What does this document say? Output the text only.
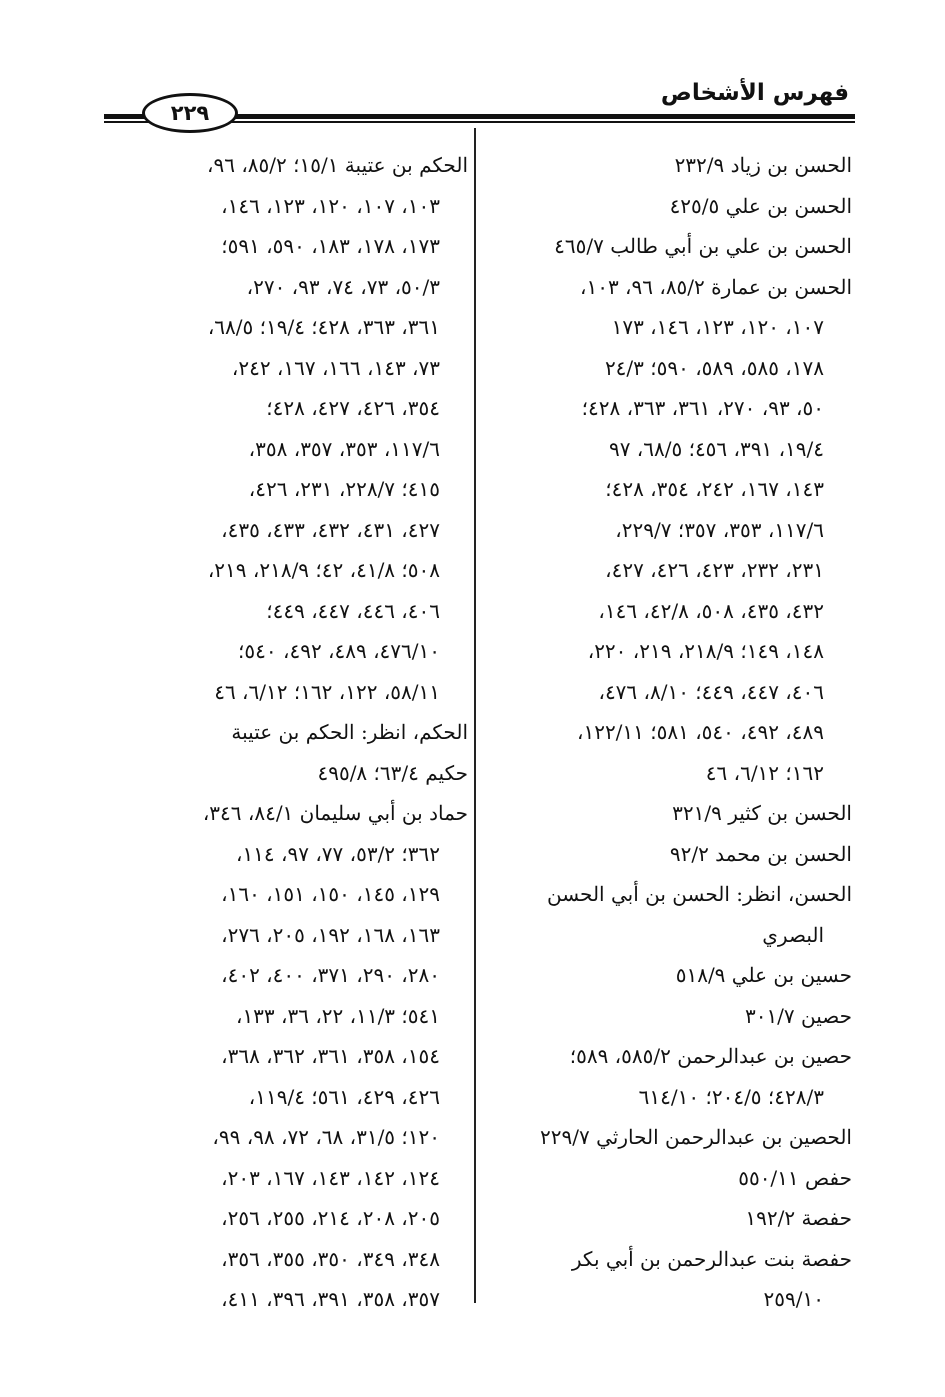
فهرس الأشخاص
٢٢٩
الحسن بن زياد ٢٣٢/٩
الحسن بن علي ٤٢٥/٥
الحسن بن علي بن أبي طالب ٤٦٥/٧
الحسن بن عمارة ٨٥/٢، ٩٦، ١٠٣،
١٠٧، ١٢٠، ١٢٣، ١٤٦، ١٧٣
١٧٨، ٥٨٥، ٥٨٩، ٥٩٠؛ ٢٤/٣
٥٠، ٩٣، ٢٧٠، ٣٦١، ٣٦٣، ٤٢٨؛
١٩/٤، ٣٩١، ٤٥٦؛ ٦٨/٥، ٩٧
١٤٣، ١٦٧، ٢٤٢، ٣٥٤، ٤٢٨؛
١١٧/٦، ٣٥٣، ٣٥٧؛ ٢٢٩/٧،
٢٣١، ٢٣٢، ٤٢٣، ٤٢٦، ٤٢٧،
٤٣٢، ٤٣٥، ٥٠٨، ٤٢/٨، ١٤٦،
١٤٨، ١٤٩؛ ٢١٨/٩، ٢١٩، ٢٢٠،
٤٠٦، ٤٤٧، ٤٤٩؛ ٨/١٠، ٤٧٦،
٤٨٩، ٤٩٢، ٥٤٠، ٥٨١؛ ١٢٢/١١،
١٦٢؛ ٦/١٢، ٤٦
الحسن بن كثير ٣٢١/٩
الحسن بن محمد ٩٢/٢
الحسن، انظر: الحسن بن أبي الحسن
البصري
حسين بن علي ٥١٨/٩
حصين ٣٠١/٧
حصين بن عبدالرحمن ٥٨٥/٢، ٥٨٩؛
٤٢٨/٣؛ ٢٠٤/٥؛ ٦١٤/١٠
الحصين بن عبدالرحمن الحارثي ٢٢٩/٧
حفص ٥٥٠/١١
حفصة ١٩٢/٢
حفصة بنت عبدالرحمن بن أبي بكر
٢٥٩/١٠
الحكم بن عتيبة ١٥/١؛ ٨٥/٢، ٩٦،
١٠٣، ١٠٧، ١٢٠، ١٢٣، ١٤٦،
١٧٣، ١٧٨، ١٨٣، ٥٩٠، ٥٩١؛
٥٠/٣، ٧٣، ٧٤، ٩٣، ٢٧٠،
٣٦١، ٣٦٣، ٤٢٨؛ ١٩/٤؛ ٦٨/٥،
٧٣، ١٤٣، ١٦٦، ١٦٧، ٢٤٢،
٣٥٤، ٤٢٦، ٤٢٧، ٤٢٨؛
١١٧/٦، ٣٥٣، ٣٥٧، ٣٥٨،
٤١٥؛ ٢٢٨/٧، ٢٣١، ٤٢٦،
٤٢٧، ٤٣١، ٤٣٢، ٤٣٣، ٤٣٥،
٥٠٨؛ ٤١/٨، ٤٢؛ ٢١٨/٩، ٢١٩،
٤٠٦، ٤٤٦، ٤٤٧، ٤٤٩؛
٤٧٦/١٠، ٤٨٩، ٤٩٢، ٥٤٠؛
٥٨/١١، ١٢٢، ١٦٢؛ ٦/١٢، ٤٦
الحكم، انظر: الحكم بن عتيبة
حكيم ٦٣/٤؛ ٤٩٥/٨
حماد بن أبي سليمان ٨٤/١، ٣٤٦،
٣٦٢؛ ٥٣/٢، ٧٧، ٩٧، ١١٤،
١٢٩، ١٤٥، ١٥٠، ١٥١، ١٦٠،
١٦٣، ١٦٨، ١٩٢، ٢٠٥، ٢٧٦،
٢٨٠، ٢٩٠، ٣٧١، ٤٠٠، ٤٠٢،
٥٤١؛ ١١/٣، ٢٢، ٣٦، ١٣٣،
١٥٤، ٣٥٨، ٣٦١، ٣٦٢، ٣٦٨،
٤٢٦، ٤٢٩، ٥٦١؛ ١١٩/٤،
١٢٠؛ ٣١/٥، ٦٨، ٧٢، ٩٨، ٩٩،
١٢٤، ١٤٢، ١٤٣، ١٦٧، ٢٠٣،
٢٠٥، ٢٠٨، ٢١٤، ٢٥٥، ٢٥٦،
٣٤٨، ٣٤٩، ٣٥٠، ٣٥٥، ٣٥٦،
٣٥٧، ٣٥٨، ٣٩١، ٣٩٦، ٤١١،
